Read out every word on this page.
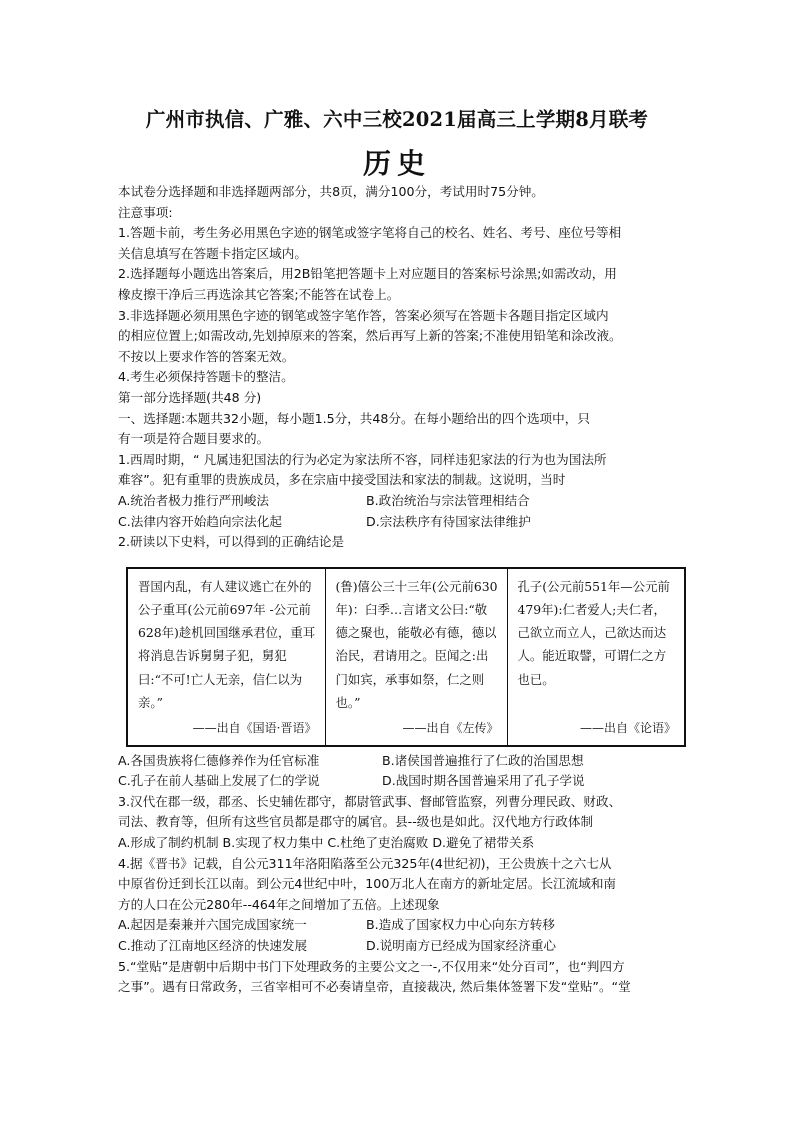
广州市执信、广雅、六中三校2021届高三上学期8月联考
历史
本试卷分选择题和非选择题两部分，共8页，满分100分，考试用时75分钟。
注意事项:
1.答题卡前，考生务必用黑色字迹的钢笔或签字笔将自己的校名、姓名、考号、座位号等相
关信息填写在答题卡指定区域内。
2.选择题每小题选出答案后，用2B铅笔把答题卡上对应题目的答案标号涂黑;如需改动，用
橡皮擦干净后三再选涂其它答案;不能答在试卷上。
3.非选择题必须用黑色字迹的钢笔或签字笔作答，答案必须写在答题卡各题目指定区域内
的相应位置上;如需改动,先划掉原来的答案，然后再写上新的答案;不准使用铅笔和涂改液。
不按以上要求作答的答案无效。
4.考生必须保持答题卡的整洁。
第一部分选择题(共48 分)
一、选择题:本题共32小题，每小题1.5分，共48分。在每小题给出的四个选项中，只
有一项是符合题目要求的。
1.西周时期，“ 凡属违犯国法的行为必定为家法所不容，同样违犯家法的行为也为国法所
难容”。犯有重罪的贵族成员，多在宗庙中接受国法和家法的制裁。这说明，当时
A.统治者极力推行严刑峻法	B.政治统治与宗法管理相结合
C.法律内容开始趋向宗法化起	D.宗法秩序有待国家法律维护
2.研读以下史料，可以得到的正确结论是
晋国内乱，有人建议逃亡在外的公子重耳(公元前697年 -公元前628年)趁机回国继承君位，重耳将消息告诉舅舅子犯，舅犯曰:“不可!亡人无亲，信仁以为亲。”
——出自《国语·晋语》

(鲁)僖公三十三年(公元前630年)：臼季…言诸文公曰:“敬德之聚也，能敬必有德，德以治民，君请用之。臣闻之:出门如宾，承事如祭，仁之则也。”
——出自《左传》

孔子(公元前551年—公元前479年):仁者爱人;夫仁者，己欲立而立人，己欲达而达人。能近取譬，可谓仁之方也已。
——出自《论语》
A.各国贵族将仁德修养作为任官标准	B.诸侯国普遍推行了仁政的治国思想
C.孔子在前人基础上发展了仁的学说	D.战国时期各国普遍采用了孔子学说
3.汉代在郡一级，郡丞、长史辅佐郡守，都尉管武事、督邮管监察，列曹分理民政、财政、
司法、教育等，但所有这些官员都是郡守的属官。县--级也是如此。汉代地方行政体制
A.形成了制约机制 B.实现了权力集中 C.杜绝了吏治腐败 D.避免了裙带关系
4.据《晋书》记载，自公元311年洛阳陷落至公元325年(4世纪初)，王公贵族十之六七从
中原省份迁到长江以南。到公元4世纪中叶，100万北人在南方的新址定居。长江流域和南
方的人口在公元280年--464年之间增加了五倍。上述现象
A.起因是秦兼并六国完成国家统一	B.造成了国家权力中心向东方转移
C.推动了江南地区经济的快速发展	D.说明南方已经成为国家经济重心
5.“堂贴”是唐朝中后期中书门下处理政务的主要公文之一-,不仅用来“处分百司”，也“判四方
之事”。遇有日常政务，三省宰相可不必奏请皇帝，直接裁决, 然后集体签署下发“堂贴”。“堂
